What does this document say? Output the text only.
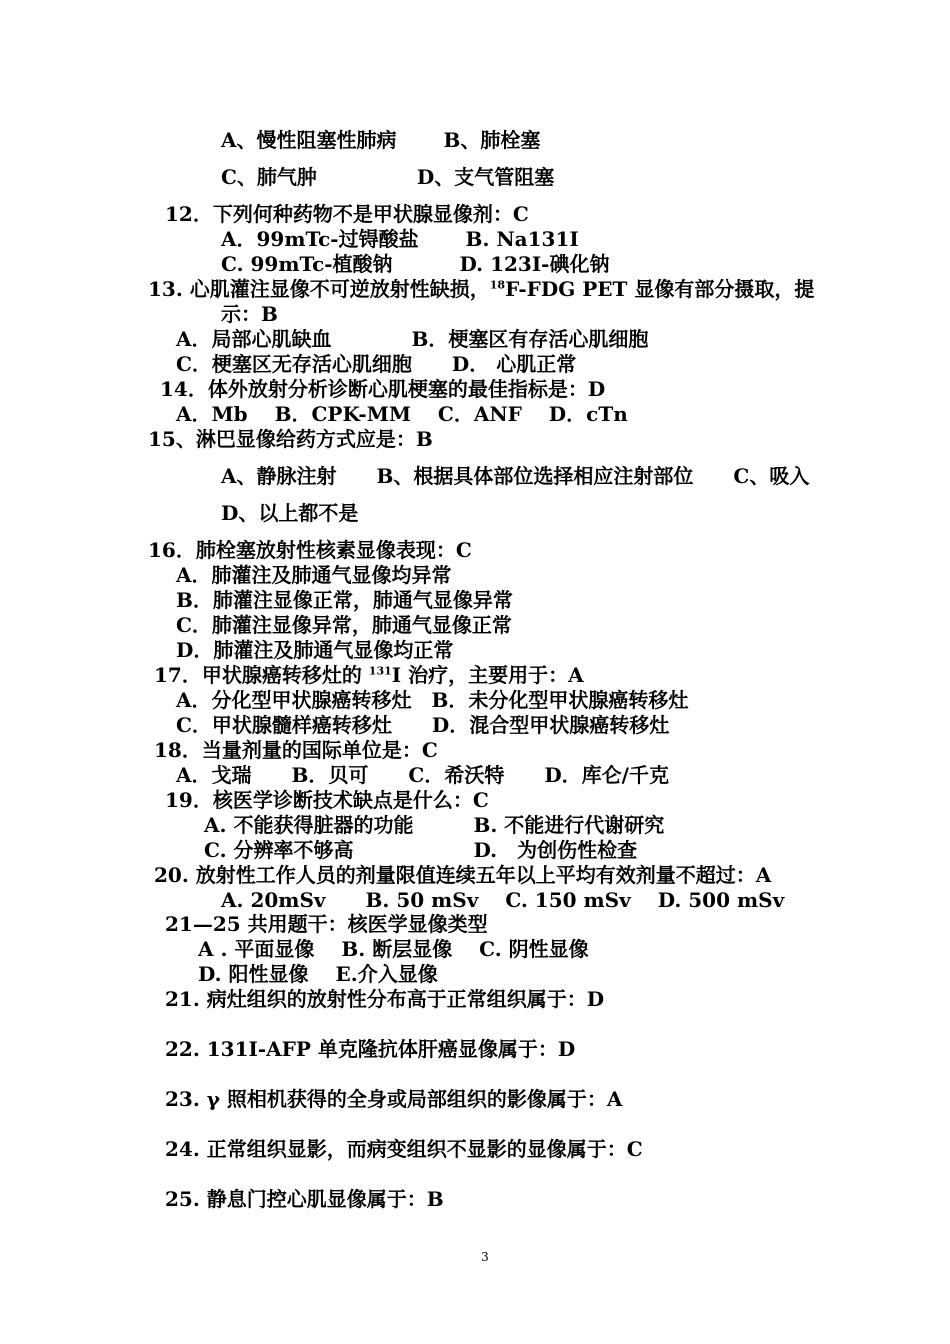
A、慢性阻塞性肺病　　 B、肺栓塞
C、肺气肿　　　　　D、支气管阻塞
12．下列何种药物不是甲状腺显像剂：C
A．99mTc-过锝酸盐　　 B. Na131I
C. 99mTc-植酸钠　　　 D. 123I-碘化钠
13. 心肌灌注显像不可逆放射性缺损，$^{18}$F-FDG PET 显像有部分摄取，提
示：B
A．局部心肌缺血　　　　B．梗塞区有存活心肌细胞
C．梗塞区无存活心肌细胞　　D． 心肌正常
14．体外放射分析诊断心肌梗塞的最佳指标是：D
A．Mb　 B．CPK-MM　 C．ANF　 D．cTn
15、淋巴显像给药方式应是：B
A、静脉注射　　B、根据具体部位选择相应注射部位　　C、吸入
D、以上都不是
16．肺栓塞放射性核素显像表现：C
A．肺灌注及肺通气显像均异常
B．肺灌注显像正常，肺通气显像异常
C．肺灌注显像异常，肺通气显像正常
D．肺灌注及肺通气显像均正常
17．甲状腺癌转移灶的 $^{131}$I 治疗，主要用于：A
A．分化型甲状腺癌转移灶　B．未分化型甲状腺癌转移灶
C．甲状腺髓样癌转移灶　　D．混合型甲状腺癌转移灶
18．当量剂量的国际单位是：C
A．戈瑞　　B．贝可　　C．希沃特　　D．库仑/千克
19．核医学诊断技术缺点是什么：C
A. 不能获得脏器的功能　　　B. 不能进行代谢研究
C. 分辨率不够高　　　　　　D.　为创伤性检查
20. 放射性工作人员的剂量限值连续五年以上平均有效剂量不超过：A
A. 20mSv　　B. 50 mSv　 C. 150 mSv　 D. 500 mSv
21—25 共用题干：核医学显像类型
A . 平面显像　 B. 断层显像　 C. 阴性显像
D. 阳性显像　 E.介入显像
21. 病灶组织的放射性分布高于正常组织属于：D
22. 131I-AFP 单克隆抗体肝癌显像属于：D
23. γ 照相机获得的全身或局部组织的影像属于：A
24. 正常组织显影，而病变组织不显影的显像属于：C
25. 静息门控心肌显像属于：B
3
